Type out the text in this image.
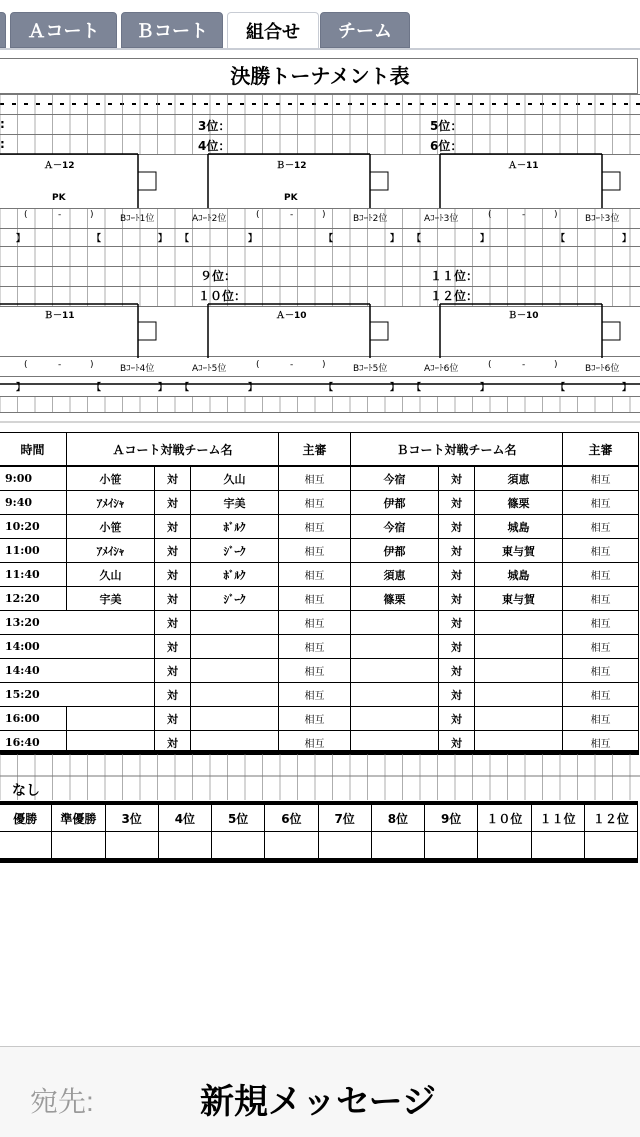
Ａコート	Ｂコート	組合せ	チーム
決勝トーナメント表
3位：
4位：
5位：
6位：
:
:
Ａ－12	Ｂ－12	Ａ－11
PK	PK
Bｺｰﾄ1位	Aｺｰﾄ2位	Bｺｰﾄ2位	Aｺｰﾄ3位	Bｺｰﾄ3位
(	-	)	(	-	)	(	-	)
】	【	】 【	】	【	】 【	】	【	】
９位：
１０位：
１１位：
１２位：
Ｂ－11	Ａ－10	Ｂ－10
Bｺｰﾄ4位	Aｺｰﾄ5位	Bｺｰﾄ5位	Aｺｰﾄ6位	Bｺｰﾄ6位
(	-	)	(	-	)	(	-	)
】	【	】 【	】	【	】 【	】	【	】
時間	Ａコート対戦チーム名			主審	Ｂコート対戦チーム名			主審
9:00	小笹	対	久山	相互	今宿	対	須恵	相互
9:40	ｱﾒｲｼｬ	対	宇美	相互	伊都	対	篠栗	相互
10:20	小笹	対	ﾎﾞﾙｸ	相互	今宿	対	城島	相互
11:00	ｱﾒｲｼｬ	対	ｼﾞｰｸ	相互	伊都	対	東与賀	相互
11:40	久山	対	ﾎﾞﾙｸ	相互	須恵	対	城島	相互
12:20	宇美	対	ｼﾞｰｸ	相互	篠栗	対	東与賀	相互
13:20		対		相互		対		相互
14:00		対		相互		対		相互
14:40		対		相互		対		相互
15:20		対		相互		対		相互
16:00		対		相互		対		相互
16:40		対		相互		対		相互
なし
優勝	準優勝	3位	4位	5位	6位	7位	8位	9位	１０位	１１位	１２位

宛先:	新規メッセージ
